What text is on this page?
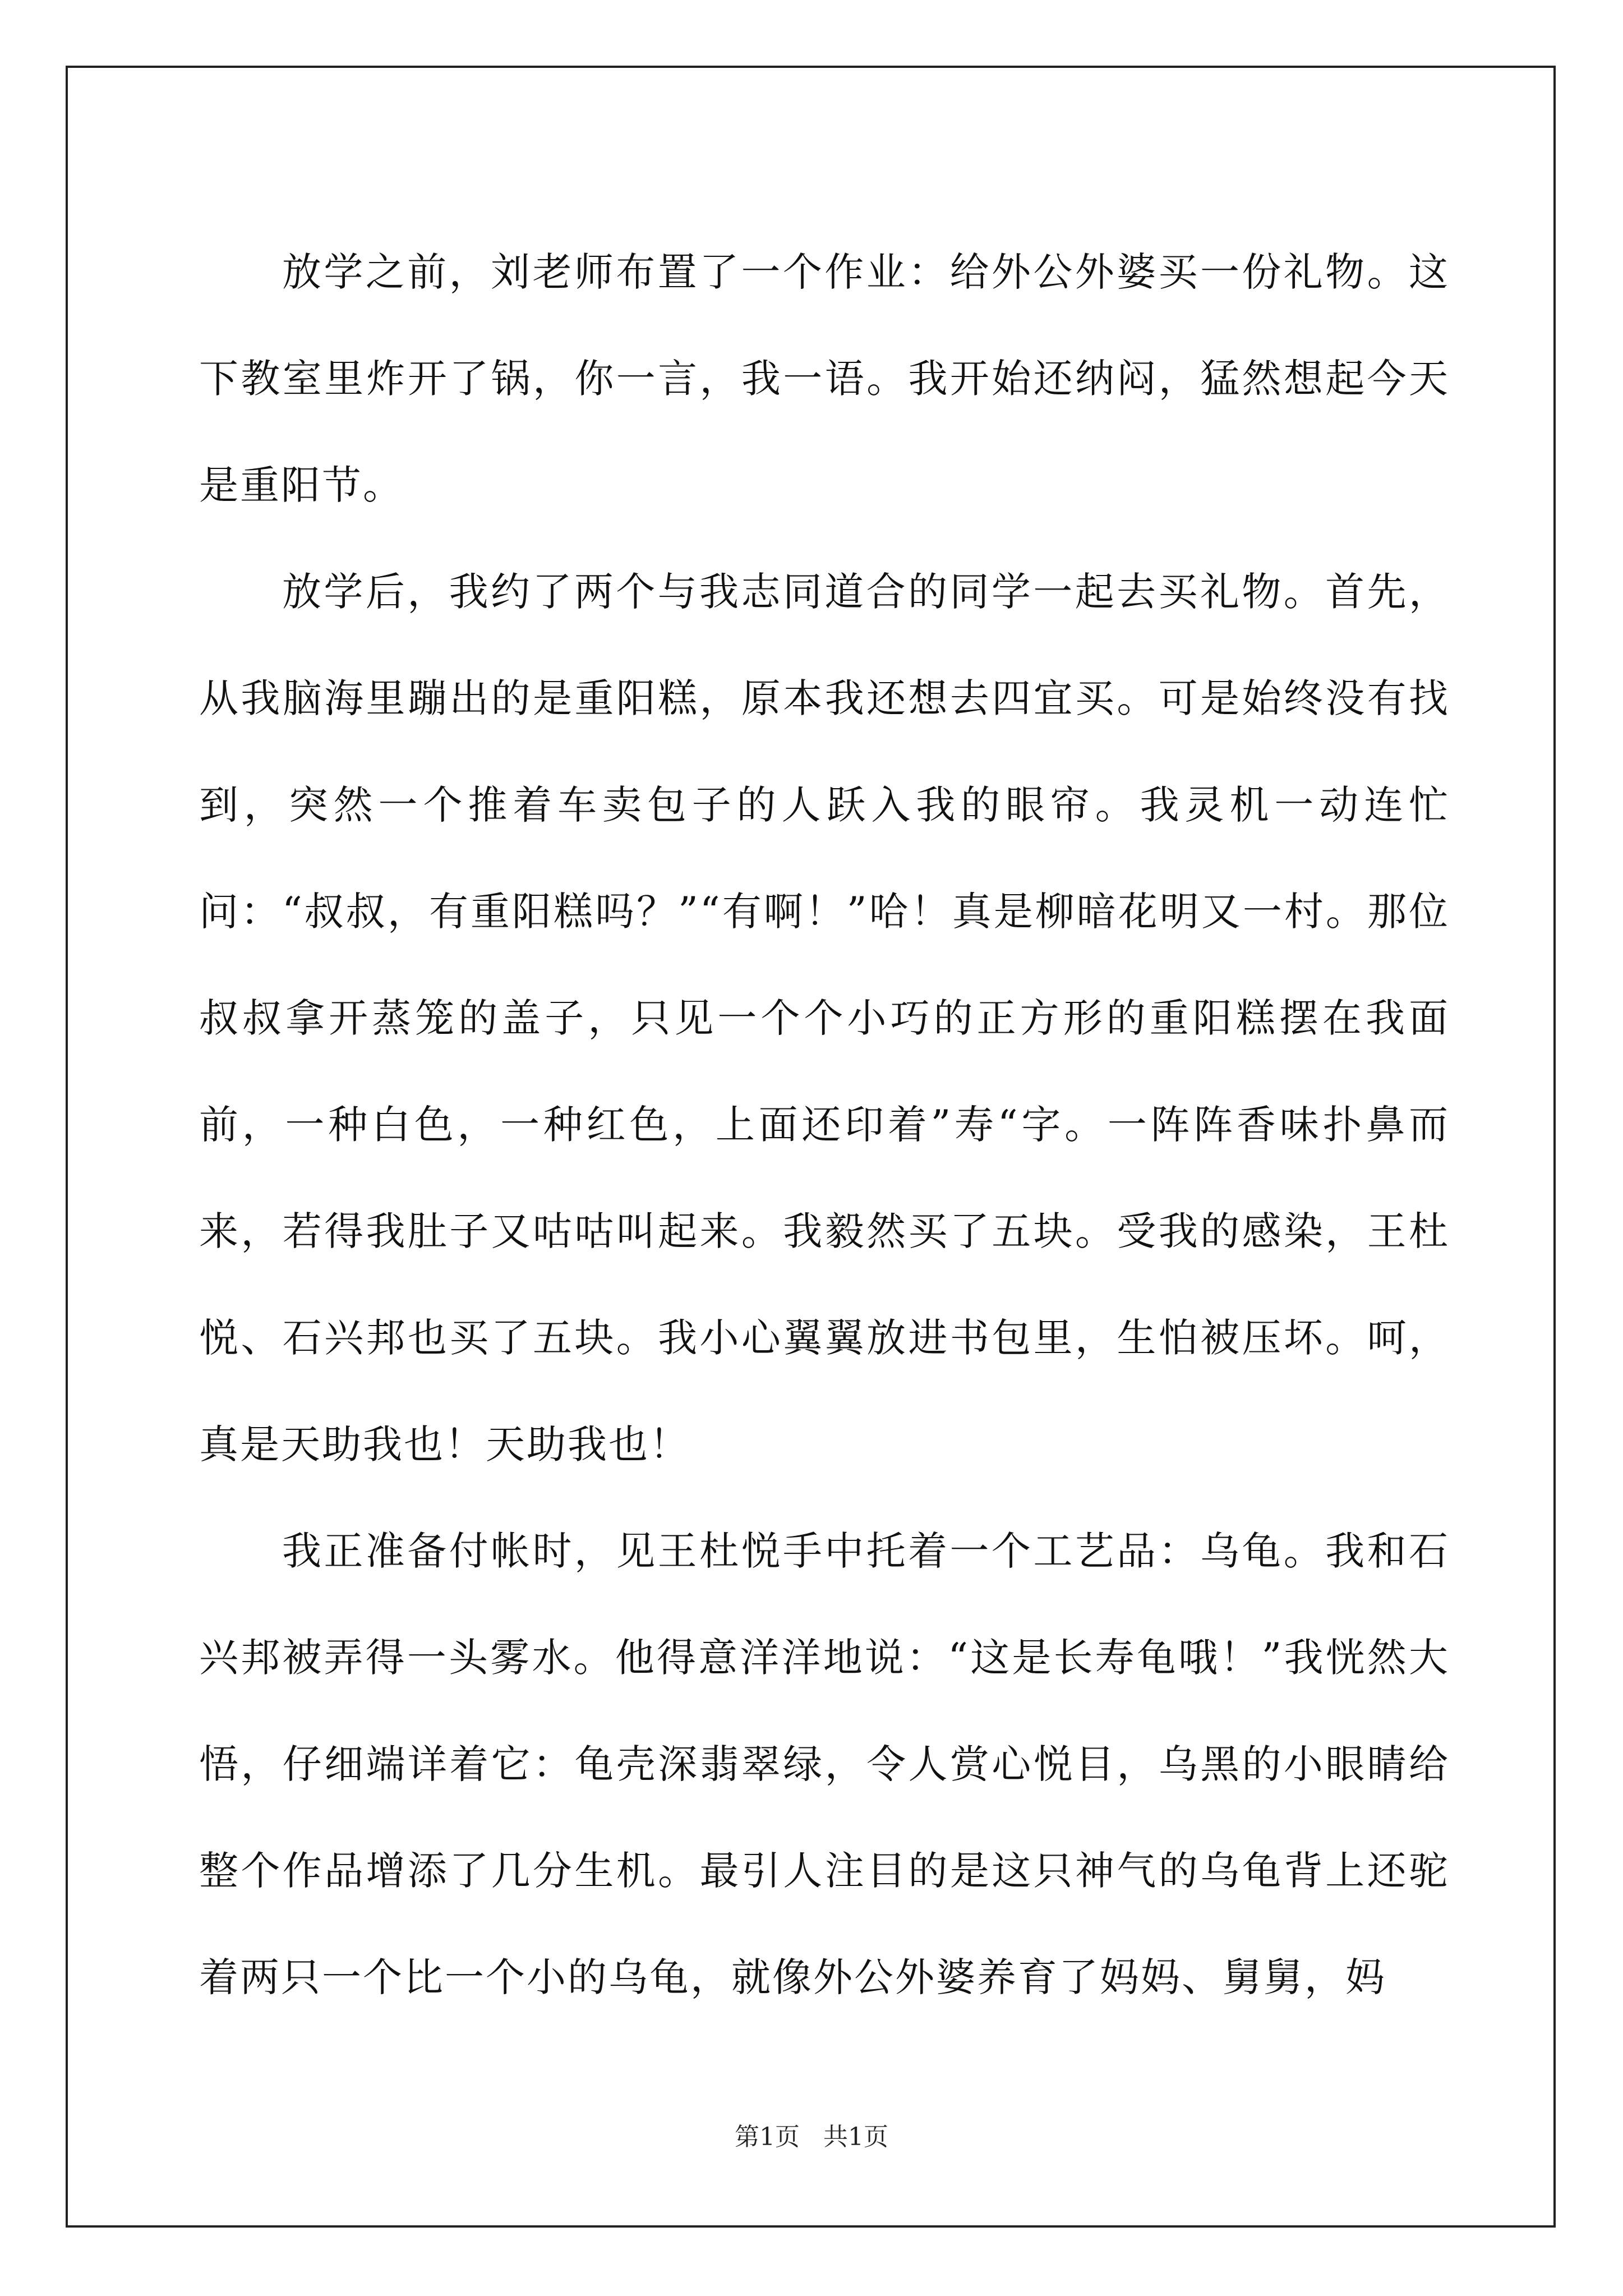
放学之前，刘老师布置了一个作业：给外公外婆买一份礼物。这下教室里炸开了锅，你一言，我一语。我开始还纳闷，猛然想起今天是重阳节。

放学后，我约了两个与我志同道合的同学一起去买礼物。首先，从我脑海里蹦出的是重阳糕，原本我还想去四宜买。可是始终没有找到，突然一个推着车卖包子的人跃入我的眼帘。我灵机一动连忙问：“叔叔，有重阳糕吗？”“有啊！”哈！真是柳暗花明又一村。那位叔叔拿开蒸笼的盖子，只见一个个小巧的正方形的重阳糕摆在我面前，一种白色，一种红色，上面还印着”寿“字。一阵阵香味扑鼻而来，若得我肚子又咕咕叫起来。我毅然买了五块。受我的感染，王杜悦、石兴邦也买了五块。我小心翼翼放进书包里，生怕被压坏。呵，真是天助我也！天助我也！

我正准备付帐时，见王杜悦手中托着一个工艺品：乌龟。我和石兴邦被弄得一头雾水。他得意洋洋地说：“这是长寿龟哦！”我恍然大悟，仔细端详着它：龟壳深翡翠绿，令人赏心悦目，乌黑的小眼睛给整个作品增添了几分生机。最引人注目的是这只神气的乌龟背上还驼着两只一个比一个小的乌龟，就像外公外婆养育了妈妈、舅舅，妈

第1页   共1页
